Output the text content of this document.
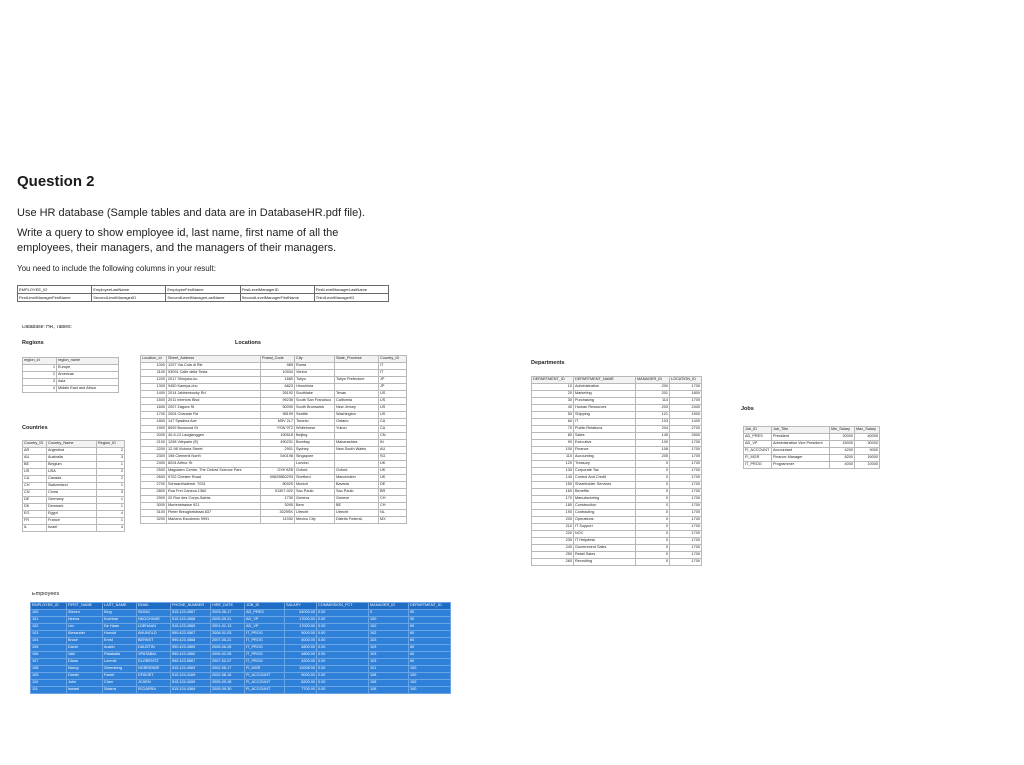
Question 2
Use HR database (Sample tables and data are in DatabaseHR.pdf file).
Write a query to show employee id, last name, first name of all the
employees, their managers, and the managers of their managers.
You need to include the following columns in your result:
EMPLOYEE_ID	EmployeeLastName	EmployeeFirstName	FirstLevelManagerID	FirstLevelManagerLastName
FirstLevelManagerFirstName	SecondLevelManagerID	SecondLevelManagerLastName	SecondLevelManagerFirstName	ThirdLevelManagerID
Database: HR, Tables:
Regions
region_id	region_name
1	Europe
2	Americas
3	Asia
4	Middle East and Africa
Countries
Country_ID	Country_Name	Region_ID
AR	Argentina	2
AU	Australia	3
BE	Belgium	1
US	USA	2
CA	Canada	2
CH	Switzerland	1
CN	China	3
DE	Germany	1
DK	Denmark	1
EG	Egypt	4
FR	France	1
IL	Israel	4
Locations
Location_Id	Street_Address	Postal_Code	City	State_Province	Country_ID
1000	1297 Via Cola di Rie	989	Roma		IT
1100	93091 Calle della Testa	10934	Venice		IT
1200	2017 Shinjuku-ku	1689	Tokyo	Tokyo Prefecture	JP
1300	9450 Kamiya-cho	6823	Hiroshima		JP
1400	2014 Jabberwocky Rd	26192	Southlake	Texas	US
1500	2011 Interiors Blvd	99236	South San Francisco	California	US
1600	2007 Zagora St	50090	South Brunswick	New Jersey	US
1700	2004 Charade Rd	98199	Seattle	Washington	US
1800	147 Spadina Ave	M5V 2L7	Toronto	Ontario	CA
1900	6092 Boxwood St	YSW 9T2	Whitehorse	Yukon	CA
2000	40-5-12 Laogianggen	190518	Beijing		CN
2100	1298 Vileparle (E)	490231	Bombay	Maharashtra	IN
2200	12-98 Victoria Street	2901	Sydney	New South Wales	AU
2300	198 Clementi North	540198	Singapore		SG
2400	8204 Arthur St		London		UK
2500	Magdalen Centre, The Oxford Science Park	OX9 9ZB	Oxford	Oxford	UK
2600	9702 Chester Road	09629850293	Stretford	Manchester	UK
2700	Schwanthalerstr. 7031	80925	Munich	Bavaria	DE
2800	Rua Frei Caneca 1360	01307-002	Sao Paulo	Sao Paulo	BR
2900	20 Rue des Corps-Saints	1730	Geneva	Geneve	CH
3000	Murtenstrasse 921	3095	Bern	BE	CH
3100	Pieter Breughelstraat 837	3029SK	Utrecht	Utrecht	NL
3200	Mariano Escobedo 9991	11932	Mexico City	Distrito Federal,	MX
Departments
DEPARTMENT_ID	DEPARTMENT_NAME	MANAGER_ID	LOCATION_ID
10	Administration	200	1700
20	Marketing	201	1800
30	Purchasing	114	1700
40	Human Resources	203	2400
50	Shipping	121	1500
60	IT	103	1400
70	Public Relations	204	2700
80	Sales	145	2500
90	Executive	100	1700
100	Finance	108	1700
110	Accounting	205	1700
120	Treasury	0	1700
130	Corporate Tax	0	1700
140	Control And Credit	0	1700
150	Shareholder Services	0	1700
160	Benefits	0	1700
170	Manufacturing	0	1700
180	Construction	0	1700
190	Contracting	0	1700
200	Operations	0	1700
210	IT Support	0	1700
220	NOC	0	1700
230	IT Helpdesk	0	1700
240	Government Sales	0	1700
250	Retail Sales	0	1700
260	Recruiting	0	1700
Jobs
Job_ID	Job_Title	Min_Salary	Max_Salary
AD_PRES	President	20000	40000
AD_VP	Administration Vice President	15000	30000
FI_ACCOUNT	Accountant	4200	9000
FI_MGR	Finance Manager	8200	16000
IT_PROG	Programmer	4000	10000
Employees
EMPLOYEE_ID	FIRST_NAME	LAST_NAME	EMAIL	PHONE_NUMBER	HIRE_DATE	JOB_ID	SALARY	COMMISSION_PCT	MANAGER_ID	DEPARTMENT_ID
100	Steven	King	SKING	515.123.4567	2003-06-17	AD_PRES	24000.00	0.00	0	90
101	Neena	Kochhar	NKOCHHAR	515.123.4568	2005-09-21	AD_VP	17000.00	0.00	100	90
102	Lex	De Haan	LDEHAAN	515.123.4569	2001-01-13	AD_VP	17000.00	0.00	100	90
103	Alexander	Hunold	AHUNOLD	590.423.4567	2006-01-03	IT_PROG	9000.00	0.00	102	60
104	Bruce	Ernst	BERNST	590.423.4568	2007-05-21	IT_PROG	6000.00	0.00	103	60
105	David	Austin	DAUSTIN	590.423.4569	2005-06-25	IT_PROG	4800.00	0.00	103	60
106	Valli	Pataballa	VPATABAL	590.423.4560	2006-02-05	IT_PROG	4800.00	0.00	103	60
107	Diana	Lorentz	DLORENTZ	590.423.5567	2007-02-07	IT_PROG	4200.00	0.00	103	60
108	Nancy	Greenberg	NGREENBE	515.124.4569	2002-08-17	FI_MGR	12008.00	0.00	101	100
109	Daniel	Faviet	DFAVIET	515.124.4169	2002-08-16	FI_ACCOUNT	9000.00	0.00	108	100
110	John	Chen	JCHEN	515.124.4269	2005-09-28	FI_ACCOUNT	8200.00	0.00	108	100
111	Ismael	Sciarra	ISCIARRA	515.124.4369	2005-09-30	FI_ACCOUNT	7700.00	0.00	108	100
